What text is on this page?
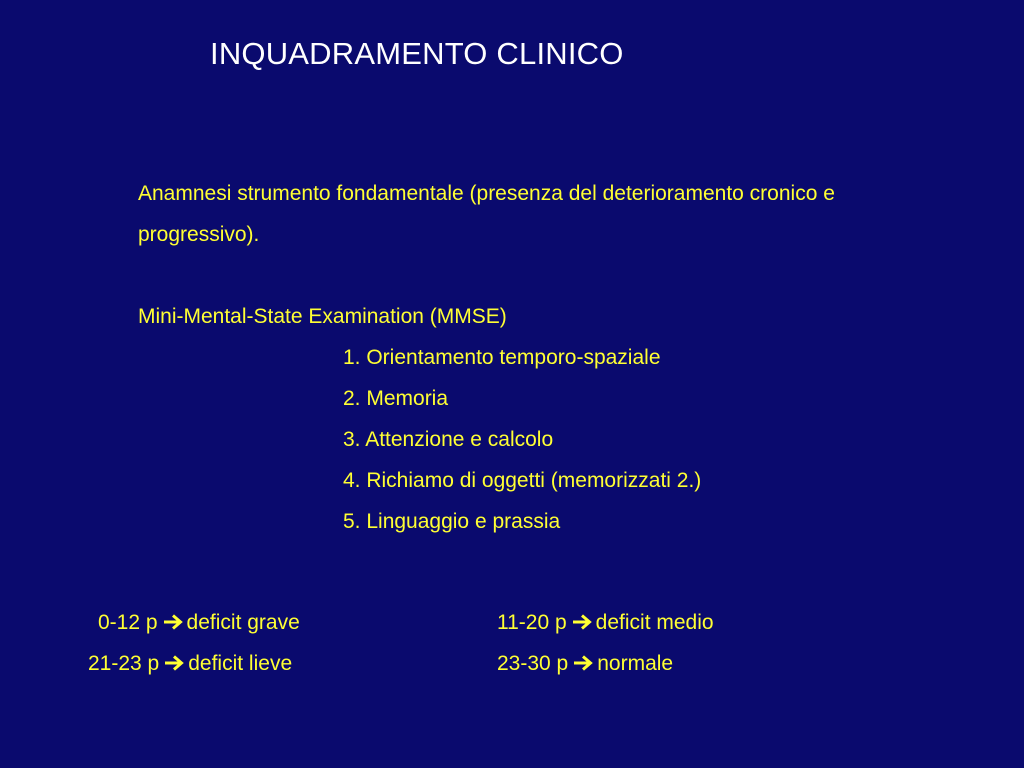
INQUADRAMENTO CLINICO
Anamnesi strumento fondamentale (presenza del deterioramento cronico e progressivo).
Mini-Mental-State Examination (MMSE)
1. Orientamento temporo-spaziale
2. Memoria
3. Attenzione e calcolo
4. Richiamo di oggetti (memorizzati 2.)
5. Linguaggio e prassia
0-12 p deficit grave
21-23 p deficit lieve
11-20 p deficit medio
23-30 p normale
